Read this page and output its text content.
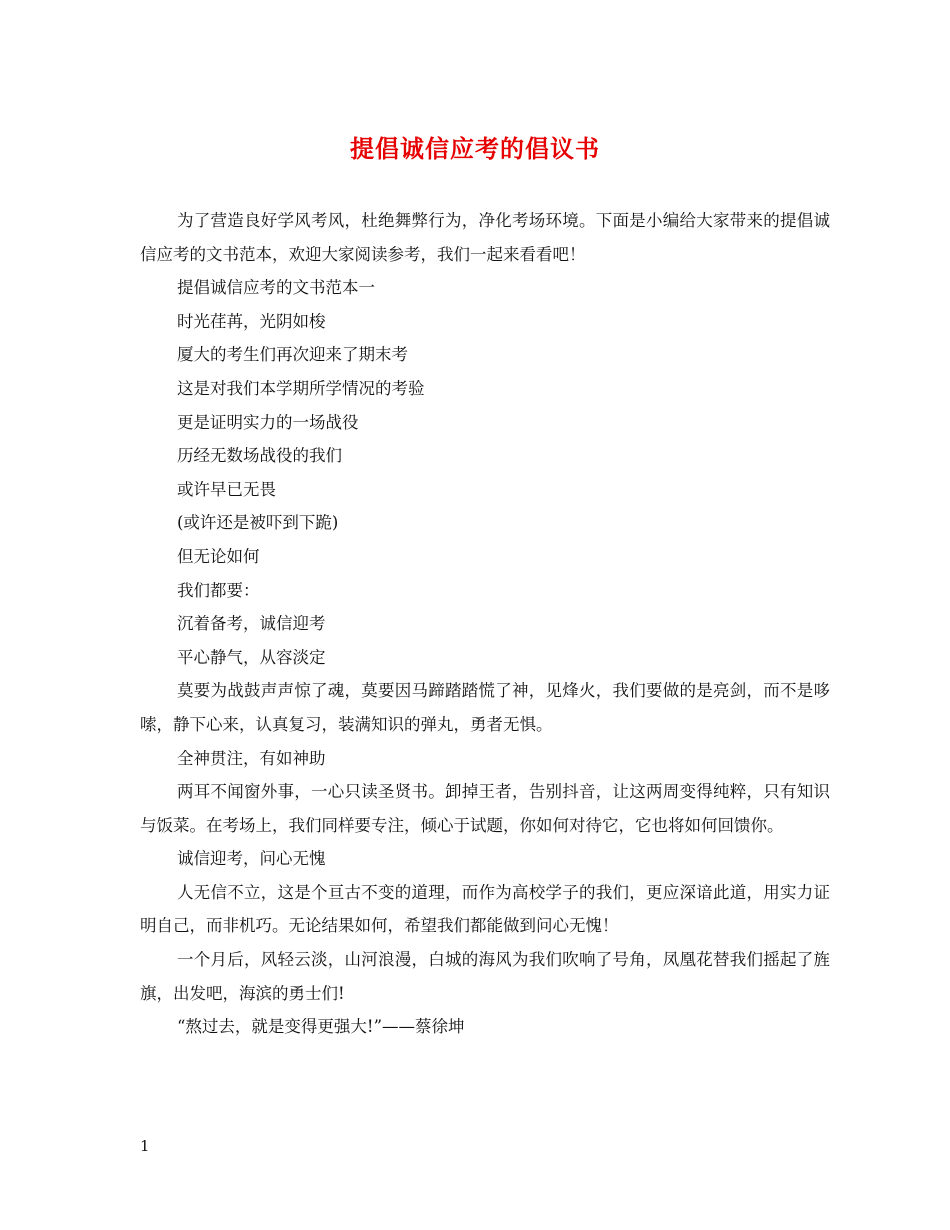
提倡诚信应考的倡议书

为了营造良好学风考风，杜绝舞弊行为，净化考场环境。下面是小编给大家带来的提倡诚信应考的文书范本，欢迎大家阅读参考，我们一起来看看吧！

提倡诚信应考的文书范本一

时光荏苒，光阴如梭

厦大的考生们再次迎来了期末考

这是对我们本学期所学情况的考验

更是证明实力的一场战役

历经无数场战役的我们

或许早已无畏

(或许还是被吓到下跪)

但无论如何

我们都要：

沉着备考，诚信迎考

平心静气，从容淡定

莫要为战鼓声声惊了魂，莫要因马蹄踏踏慌了神，见烽火，我们要做的是亮剑，而不是哆嗦，静下心来，认真复习，装满知识的弹丸，勇者无惧。

全神贯注，有如神助

两耳不闻窗外事，一心只读圣贤书。卸掉王者，告别抖音，让这两周变得纯粹，只有知识与饭菜。在考场上，我们同样要专注，倾心于试题，你如何对待它，它也将如何回馈你。

诚信迎考，问心无愧

人无信不立，这是个亘古不变的道理，而作为高校学子的我们，更应深谙此道，用实力证明自己，而非机巧。无论结果如何，希望我们都能做到问心无愧！

一个月后，风轻云淡，山河浪漫，白城的海风为我们吹响了号角，凤凰花替我们摇起了旌旗，出发吧，海滨的勇士们!

“熬过去，就是变得更强大!”——蔡徐坤

1
